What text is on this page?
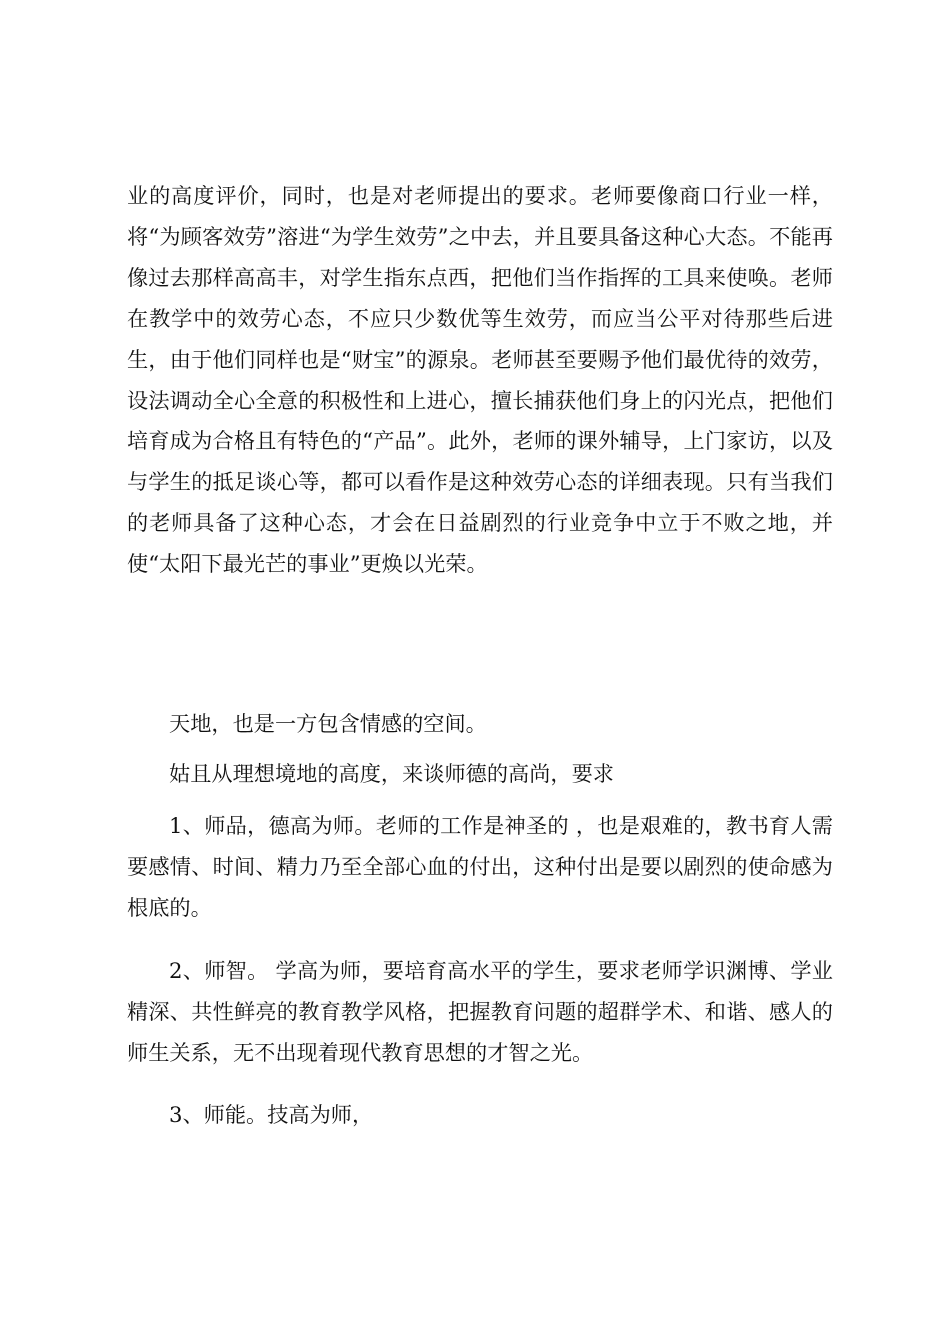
业的高度评价，同时，也是对老师提出的要求。老师要像商口行业一样，将“为顾客效劳”溶进“为学生效劳”之中去，并且要具备这种心大态。不能再像过去那样高高丰，对学生指东点西，把他们当作指挥的工具来使唤。老师在教学中的效劳心态，不应只少数优等生效劳，而应当公平对待那些后进生，由于他们同样也是“财宝”的源泉。老师甚至要赐予他们最优待的效劳，设法调动全心全意的积极性和上进心，擅长捕获他们身上的闪光点，把他们培育成为合格且有特色的“产品”。此外，老师的课外辅导，上门家访，以及与学生的抵足谈心等，都可以看作是这种效劳心态的详细表现。只有当我们的老师具备了这种心态，才会在日益剧烈的行业竞争中立于不败之地，并使“太阳下最光芒的事业”更焕以光荣。

天地，也是一方包含情感的空间。

姑且从理想境地的高度，来谈师德的高尚，要求

1、师品，德高为师。老师的工作是神圣的 ，也是艰难的，教书育人需要感情、时间、精力乃至全部心血的付出，这种付出是要以剧烈的使命感为根底的。

2、师智。 学高为师，要培育高水平的学生，要求老师学识渊博、学业精深、共性鲜亮的教育教学风格，把握教育问题的超群学术、和谐、感人的师生关系，无不出现着现代教育思想的才智之光。

3、师能。技高为师，
